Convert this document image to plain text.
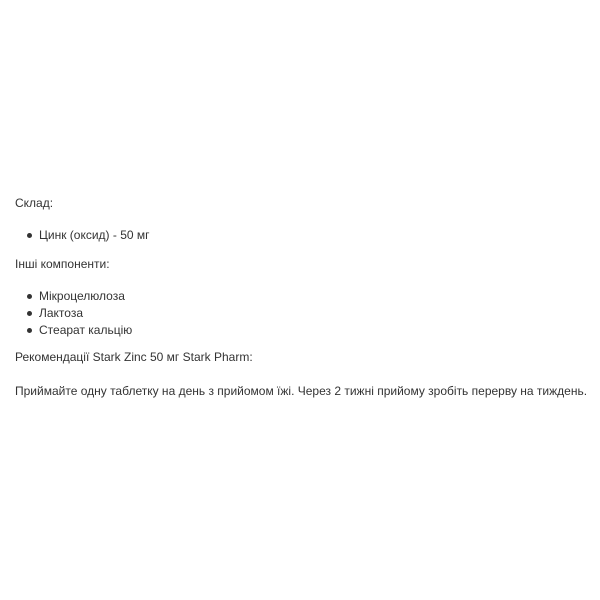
Склад:

Цинк (оксид) - 50 мг

Інші компоненти:

Мікроцелюлоза
Лактоза
Стеарат кальцію

Рекомендації Stark Zinc 50 мг Stark Pharm:

Приймайте одну таблетку на день з прийомом їжі. Через 2 тижні прийому зробіть перерву на тиждень.
